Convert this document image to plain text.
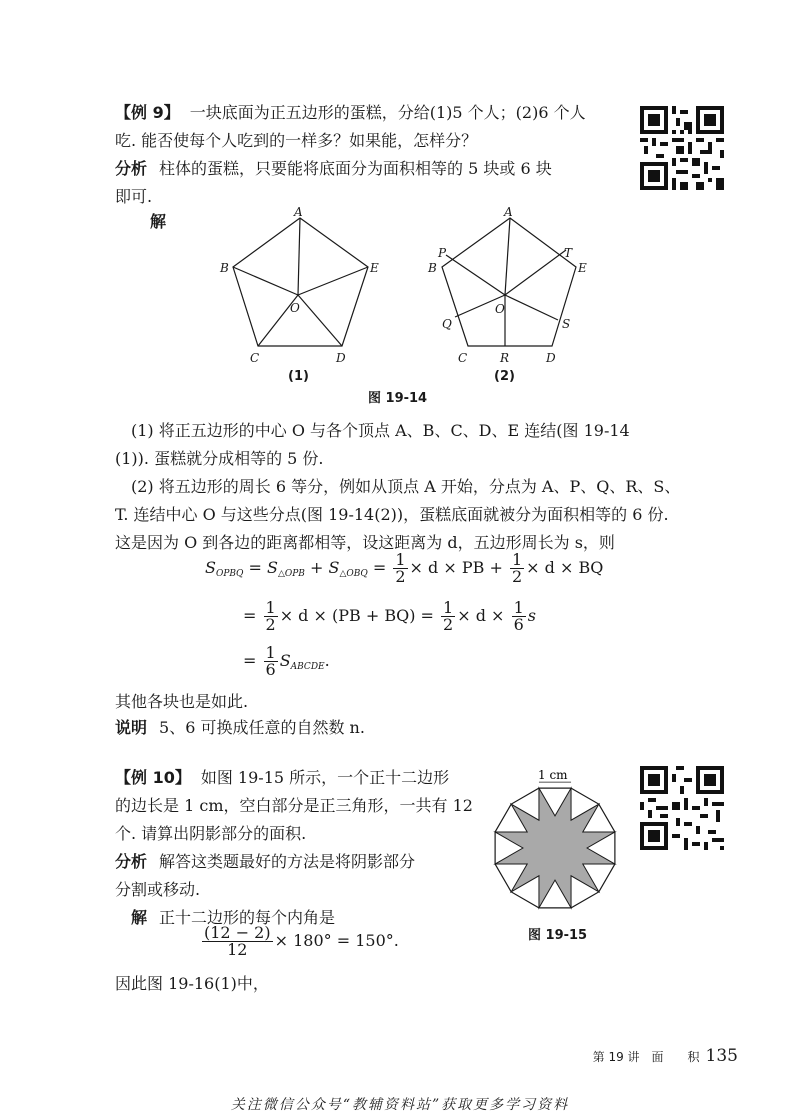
【例 9】 一块底面为正五边形的蛋糕，分给(1)5 个人；(2)6 个人
吃. 能否使每个人吃到的一样多？如果能，怎样分？
分析 柱体的蛋糕，只要能将底面分为面积相等的 5 块或 6 块
即可.
解	A
B
C	D
E
O
A
B
C	D
E
O
P
Q
R
S
T
(1)	(2)
图 19-14
(1) 将正五边形的中心 O 与各个顶点 A、B、C、D、E 连结(图 19-14
(1)). 蛋糕就分成相等的 5 份.
(2) 将五边形的周长 6 等分，例如从顶点 A 开始，分点为 A、P、Q、R、S、
T. 连结中心 O 与这些分点(图 19-14(2))，蛋糕底面就被分为面积相等的 6 份.
这是因为 O 到各边的距离都相等，设这距离为 d，五边形周长为 s，则
$S_{OPBQ} = S_{\triangle OPB} + S_{\triangle OBQ} = \frac{1}{2} \times d$ × PB + $\frac{1}{2} \times d$ × BQ
= $\frac{1}{2} \times d \times (PB + BQ) = \frac{1}{2} \times d \times \frac{1}{6}$ s
= $\frac{1}{6} S_{ABCDE}$.
其他各块也是如此.
说明 5、6 可换成任意的自然数 n.
【例 10】 如图 19-15 所示，一个正十二边形
的边长是 1 cm，空白部分是正三角形，一共有 12
个. 请算出阴影部分的面积.
分析 解答这类题最好的方法是将阴影部分
分割或移动.
解 正十二边形的每个内角是
$\frac{(12 - 2)}{12} \times 180^\circ = 150^\circ$.
因此图 19-16(1)中，
1 cm
图 19-15
第 19 讲　面　　积 135
关注微信公众号“教辅资料站”获取更多学习资料
